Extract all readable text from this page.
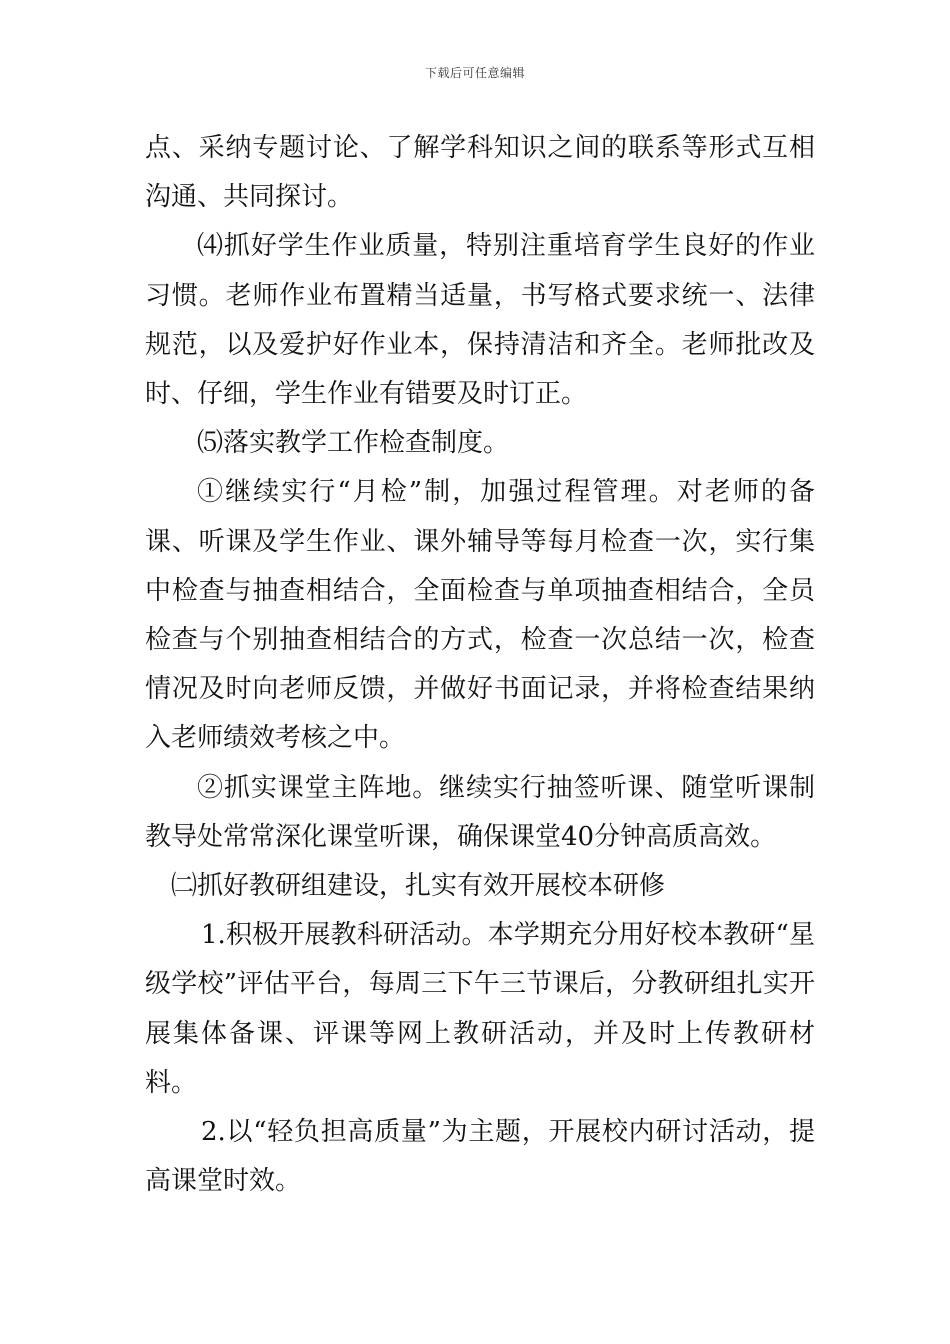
下载后可任意编辑

点、采纳专题讨论、了解学科知识之间的联系等形式互相沟通、共同探讨。

⑷抓好学生作业质量，特别注重培育学生良好的作业习惯。老师作业布置精当适量，书写格式要求统一、法律规范，以及爱护好作业本，保持清洁和齐全。老师批改及时、仔细，学生作业有错要及时订正。

⑸落实教学工作检查制度。

①继续实行“月检”制，加强过程管理。对老师的备课、听课及学生作业、课外辅导等每月检查一次，实行集中检查与抽查相结合，全面检查与单项抽查相结合，全员检查与个别抽查相结合的方式，检查一次总结一次，检查情况及时向老师反馈，并做好书面记录，并将检查结果纳入老师绩效考核之中。

②抓实课堂主阵地。继续实行抽签听课、随堂听课制教导处常常深化课堂听课，确保课堂40分钟高质高效。

㈡抓好教研组建设，扎实有效开展校本研修

1.积极开展教科研活动。本学期充分用好校本教研“星级学校”评估平台，每周三下午三节课后，分教研组扎实开展集体备课、评课等网上教研活动，并及时上传教研材料。

2.以“轻负担高质量”为主题，开展校内研讨活动，提高课堂时效。
